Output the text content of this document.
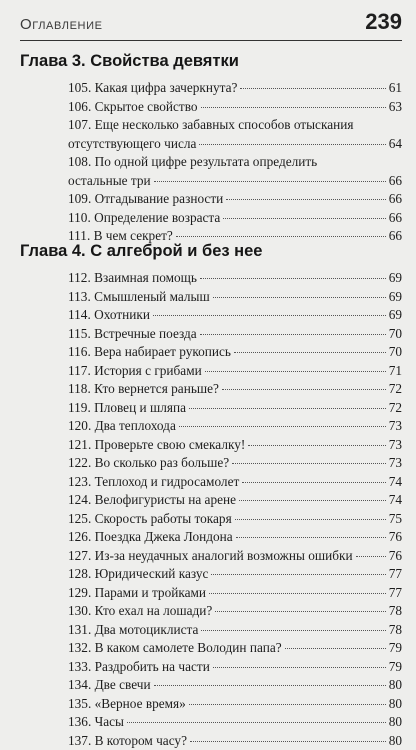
Оглавление	239
Глава 3. Свойства девятки
105. Какая цифра зачеркнута?	61
106. Скрытое свойство	63
107. Еще несколько забавных способов отыскания
отсутствующего числа	64
108. По одной цифре результата определить
остальные три	66
109. Отгадывание разности	66
110. Определение возраста	66
111. В чем секрет?	66
Глава 4. С алгеброй и без нее
112. Взаимная помощь	69
113. Смышленый малыш	69
114. Охотники	69
115. Встречные поезда	70
116. Вера набирает рукопись	70
117. История с грибами	71
118. Кто вернется раньше?	72
119. Пловец и шляпа	72
120. Два теплохода	73
121. Проверьте свою смекалку!	73
122. Во сколько раз больше?	73
123. Теплоход и гидросамолет	74
124. Велофигуристы на арене	74
125. Скорость работы токаря	75
126. Поездка Джека Лондона	76
127. Из-за неудачных аналогий возможны ошибки	76
128. Юридический казус	77
129. Парами и тройками	77
130. Кто ехал на лошади?	78
131. Два мотоциклиста	78
132. В каком самолете Володин папа?	79
133. Раздробить на части	79
134. Две свечи	80
135. «Верное время»	80
136. Часы	80
137. В котором часу?	80
